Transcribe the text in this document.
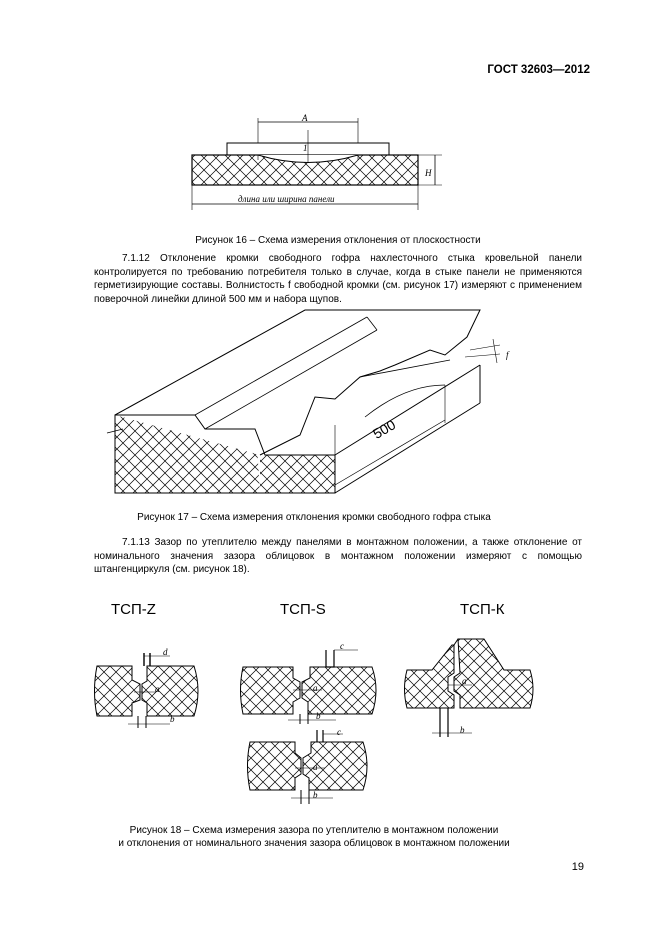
ГОСТ 32603—2012
A
1
H
длина или ширина панели
Рисунок 16 – Схема измерения отклонения от плоскостности
7.1.12 Отклонение кромки свободного гофра нахлесточного стыка кровельной панели контролируется по требованию потребителя только в случае, когда в стыке панели не применяются герметизирующие составы. Волнистость f свободной кромки (см. рисунок 17) измеряют с применением поверочной линейки длиной 500 мм и набора щупов.
500
f
Рисунок 17 – Схема измерения отклонения кромки свободного гофра стыка
7.1.13 Зазор по утеплителю между панелями в монтажном положении, а также отклонение от номинального значения зазора облицовок в монтажном положении измеряют с помощью штангенциркуля (см. рисунок 18).
ТСП-Z	ТСП-S	ТСП-К
d
a
b
c
a
b
c
a
b
a
b
Рисунок 18 – Схема измерения зазора по утеплителю в монтажном положении
и отклонения от номинального значения зазора облицовок в монтажном положении
19
